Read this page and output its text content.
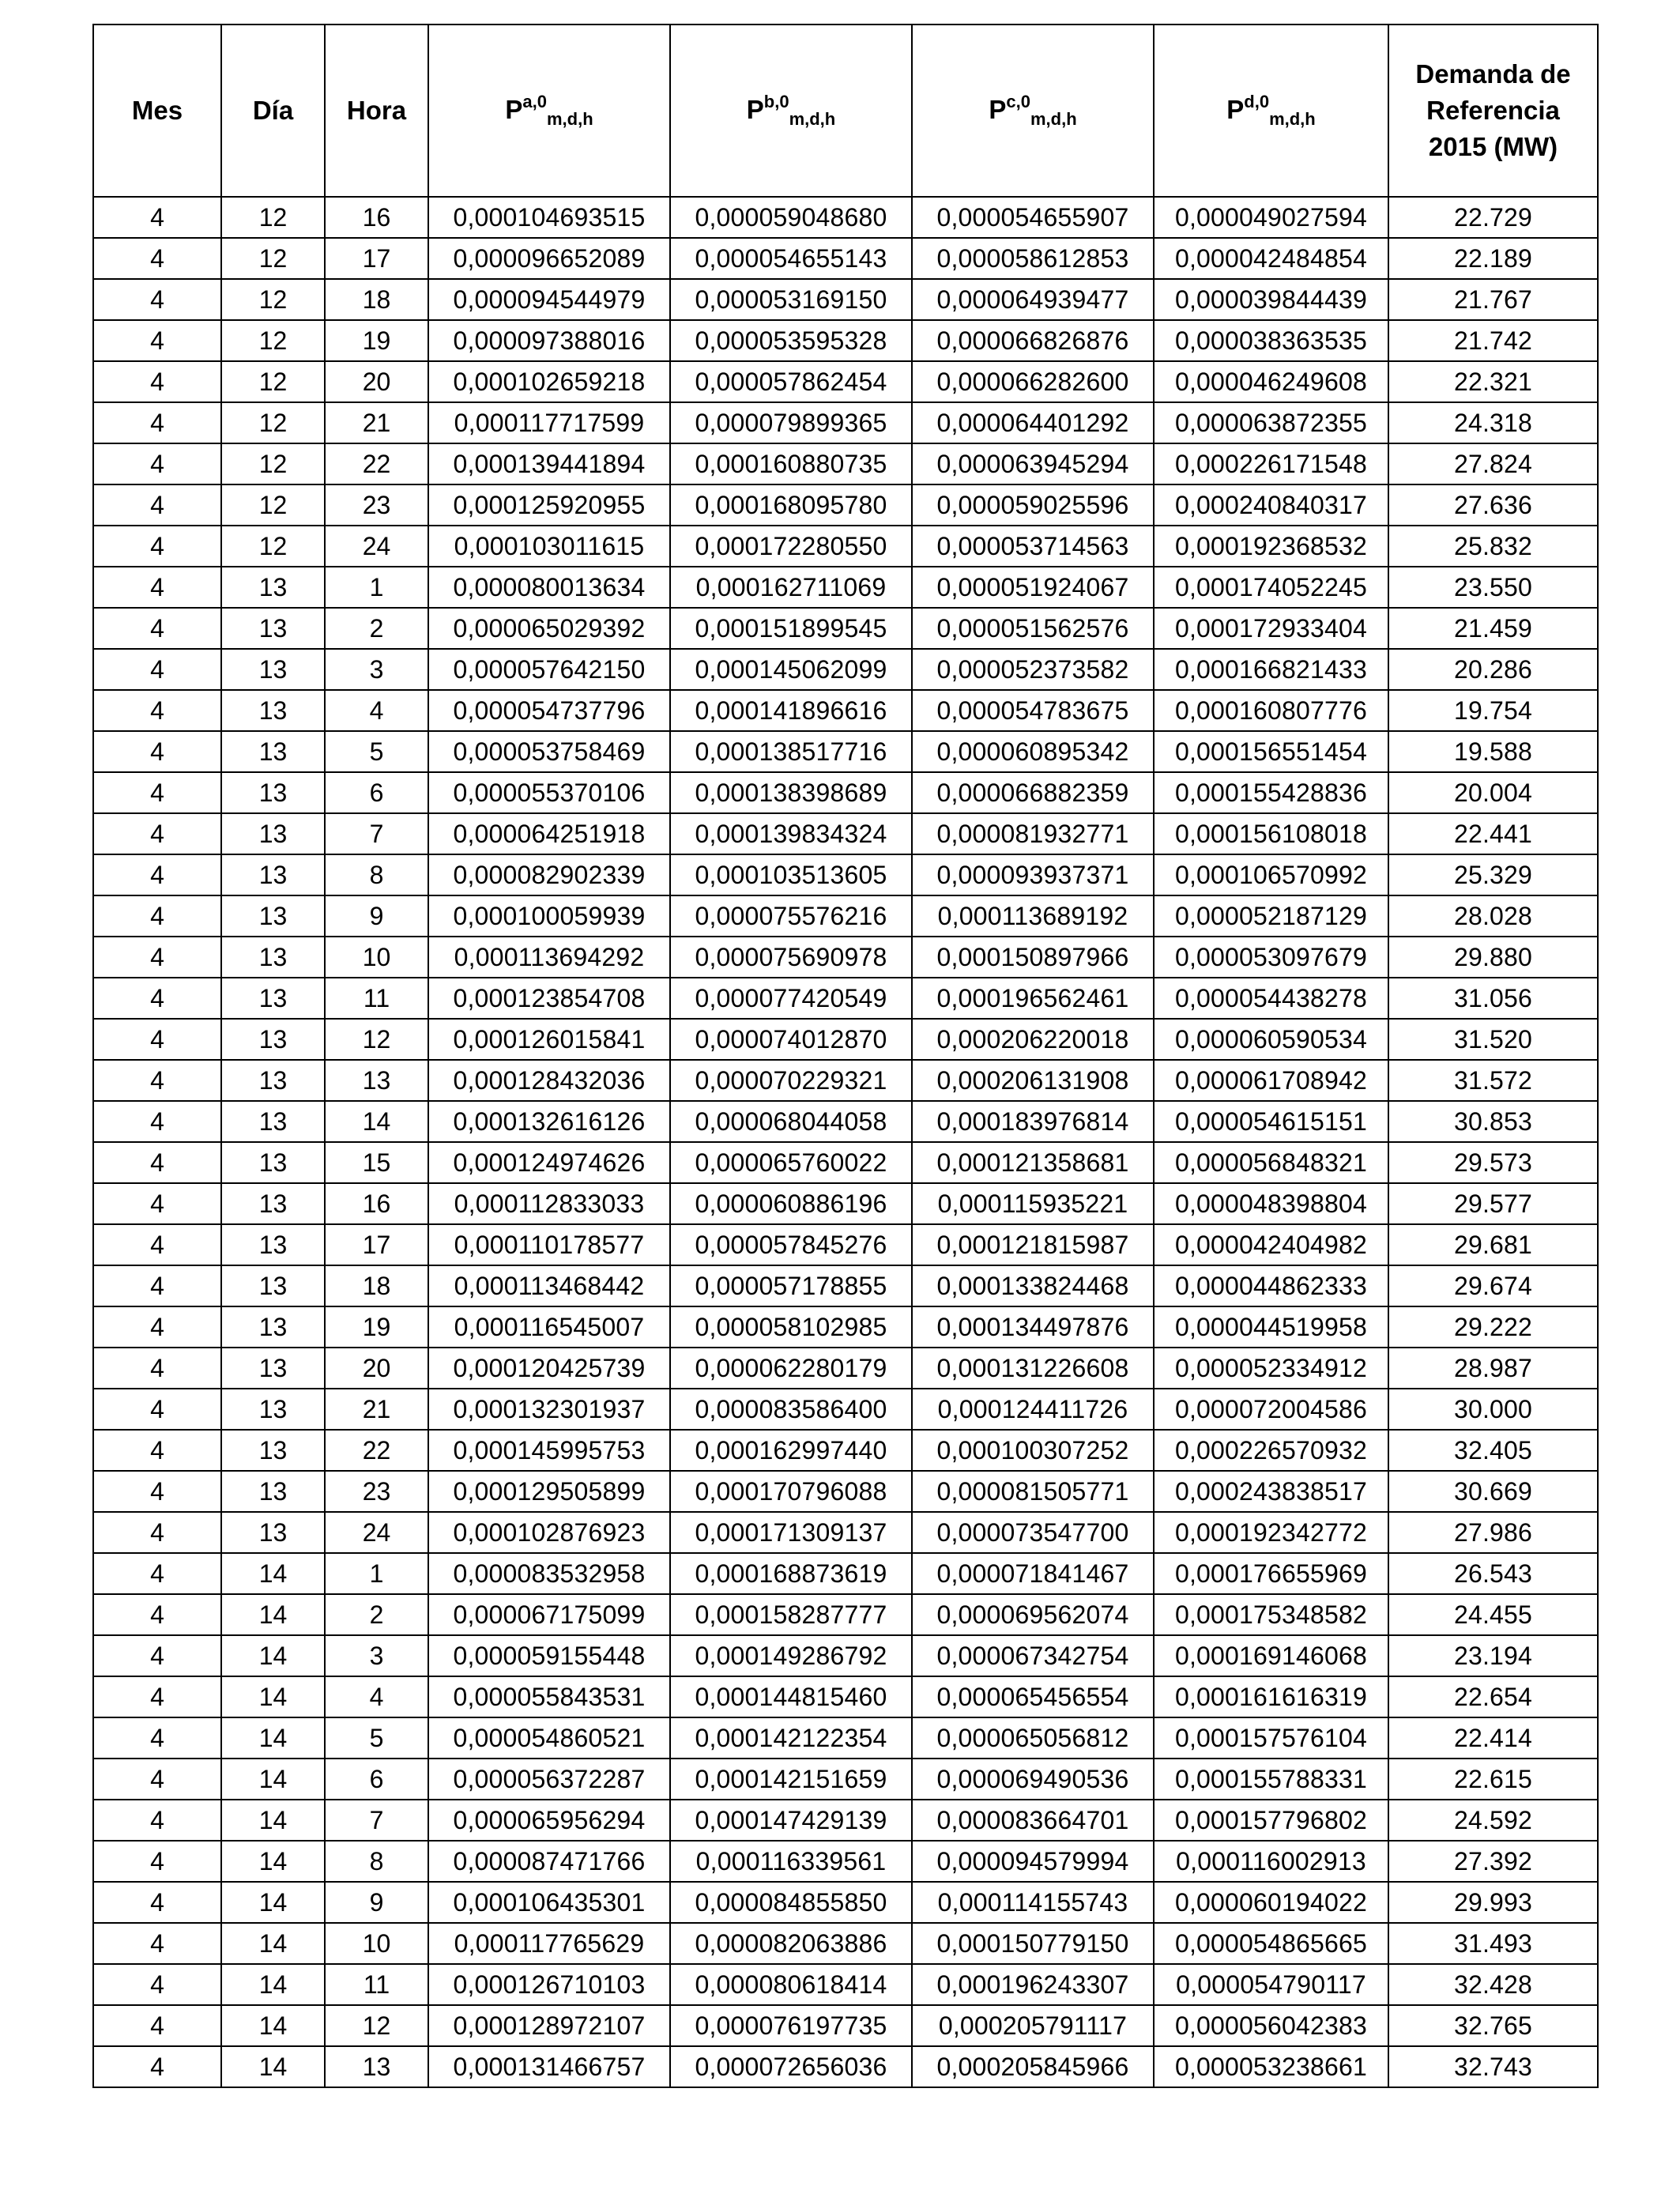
Mes	Día	Hora	P$^{a,0}_{m,d,h}$	P$^{b,0}_{m,d,h}$	P$^{c,0}_{m,d,h}$	P$^{d,0}_{m,d,h}$	Demanda de
Referencia
2015 (MW)

4	12	16	0,000104693515	0,000059048680	0,000054655907	0,000049027594	22.729
4	12	17	0,000096652089	0,000054655143	0,000058612853	0,000042484854	22.189
4	12	18	0,000094544979	0,000053169150	0,000064939477	0,000039844439	21.767
4	12	19	0,000097388016	0,000053595328	0,000066826876	0,000038363535	21.742
4	12	20	0,000102659218	0,000057862454	0,000066282600	0,000046249608	22.321
4	12	21	0,000117717599	0,000079899365	0,000064401292	0,000063872355	24.318
4	12	22	0,000139441894	0,000160880735	0,000063945294	0,000226171548	27.824
4	12	23	0,000125920955	0,000168095780	0,000059025596	0,000240840317	27.636
4	12	24	0,000103011615	0,000172280550	0,000053714563	0,000192368532	25.832
4	13	1	0,000080013634	0,000162711069	0,000051924067	0,000174052245	23.550
4	13	2	0,000065029392	0,000151899545	0,000051562576	0,000172933404	21.459
4	13	3	0,000057642150	0,000145062099	0,000052373582	0,000166821433	20.286
4	13	4	0,000054737796	0,000141896616	0,000054783675	0,000160807776	19.754
4	13	5	0,000053758469	0,000138517716	0,000060895342	0,000156551454	19.588
4	13	6	0,000055370106	0,000138398689	0,000066882359	0,000155428836	20.004
4	13	7	0,000064251918	0,000139834324	0,000081932771	0,000156108018	22.441
4	13	8	0,000082902339	0,000103513605	0,000093937371	0,000106570992	25.329
4	13	9	0,000100059939	0,000075576216	0,000113689192	0,000052187129	28.028
4	13	10	0,000113694292	0,000075690978	0,000150897966	0,000053097679	29.880
4	13	11	0,000123854708	0,000077420549	0,000196562461	0,000054438278	31.056
4	13	12	0,000126015841	0,000074012870	0,000206220018	0,000060590534	31.520
4	13	13	0,000128432036	0,000070229321	0,000206131908	0,000061708942	31.572
4	13	14	0,000132616126	0,000068044058	0,000183976814	0,000054615151	30.853
4	13	15	0,000124974626	0,000065760022	0,000121358681	0,000056848321	29.573
4	13	16	0,000112833033	0,000060886196	0,000115935221	0,000048398804	29.577
4	13	17	0,000110178577	0,000057845276	0,000121815987	0,000042404982	29.681
4	13	18	0,000113468442	0,000057178855	0,000133824468	0,000044862333	29.674
4	13	19	0,000116545007	0,000058102985	0,000134497876	0,000044519958	29.222
4	13	20	0,000120425739	0,000062280179	0,000131226608	0,000052334912	28.987
4	13	21	0,000132301937	0,000083586400	0,000124411726	0,000072004586	30.000
4	13	22	0,000145995753	0,000162997440	0,000100307252	0,000226570932	32.405
4	13	23	0,000129505899	0,000170796088	0,000081505771	0,000243838517	30.669
4	13	24	0,000102876923	0,000171309137	0,000073547700	0,000192342772	27.986
4	14	1	0,000083532958	0,000168873619	0,000071841467	0,000176655969	26.543
4	14	2	0,000067175099	0,000158287777	0,000069562074	0,000175348582	24.455
4	14	3	0,000059155448	0,000149286792	0,000067342754	0,000169146068	23.194
4	14	4	0,000055843531	0,000144815460	0,000065456554	0,000161616319	22.654
4	14	5	0,000054860521	0,000142122354	0,000065056812	0,000157576104	22.414
4	14	6	0,000056372287	0,000142151659	0,000069490536	0,000155788331	22.615
4	14	7	0,000065956294	0,000147429139	0,000083664701	0,000157796802	24.592
4	14	8	0,000087471766	0,000116339561	0,000094579994	0,000116002913	27.392
4	14	9	0,000106435301	0,000084855850	0,000114155743	0,000060194022	29.993
4	14	10	0,000117765629	0,000082063886	0,000150779150	0,000054865665	31.493
4	14	11	0,000126710103	0,000080618414	0,000196243307	0,000054790117	32.428
4	14	12	0,000128972107	0,000076197735	0,000205791117	0,000056042383	32.765
4	14	13	0,000131466757	0,000072656036	0,000205845966	0,000053238661	32.743
